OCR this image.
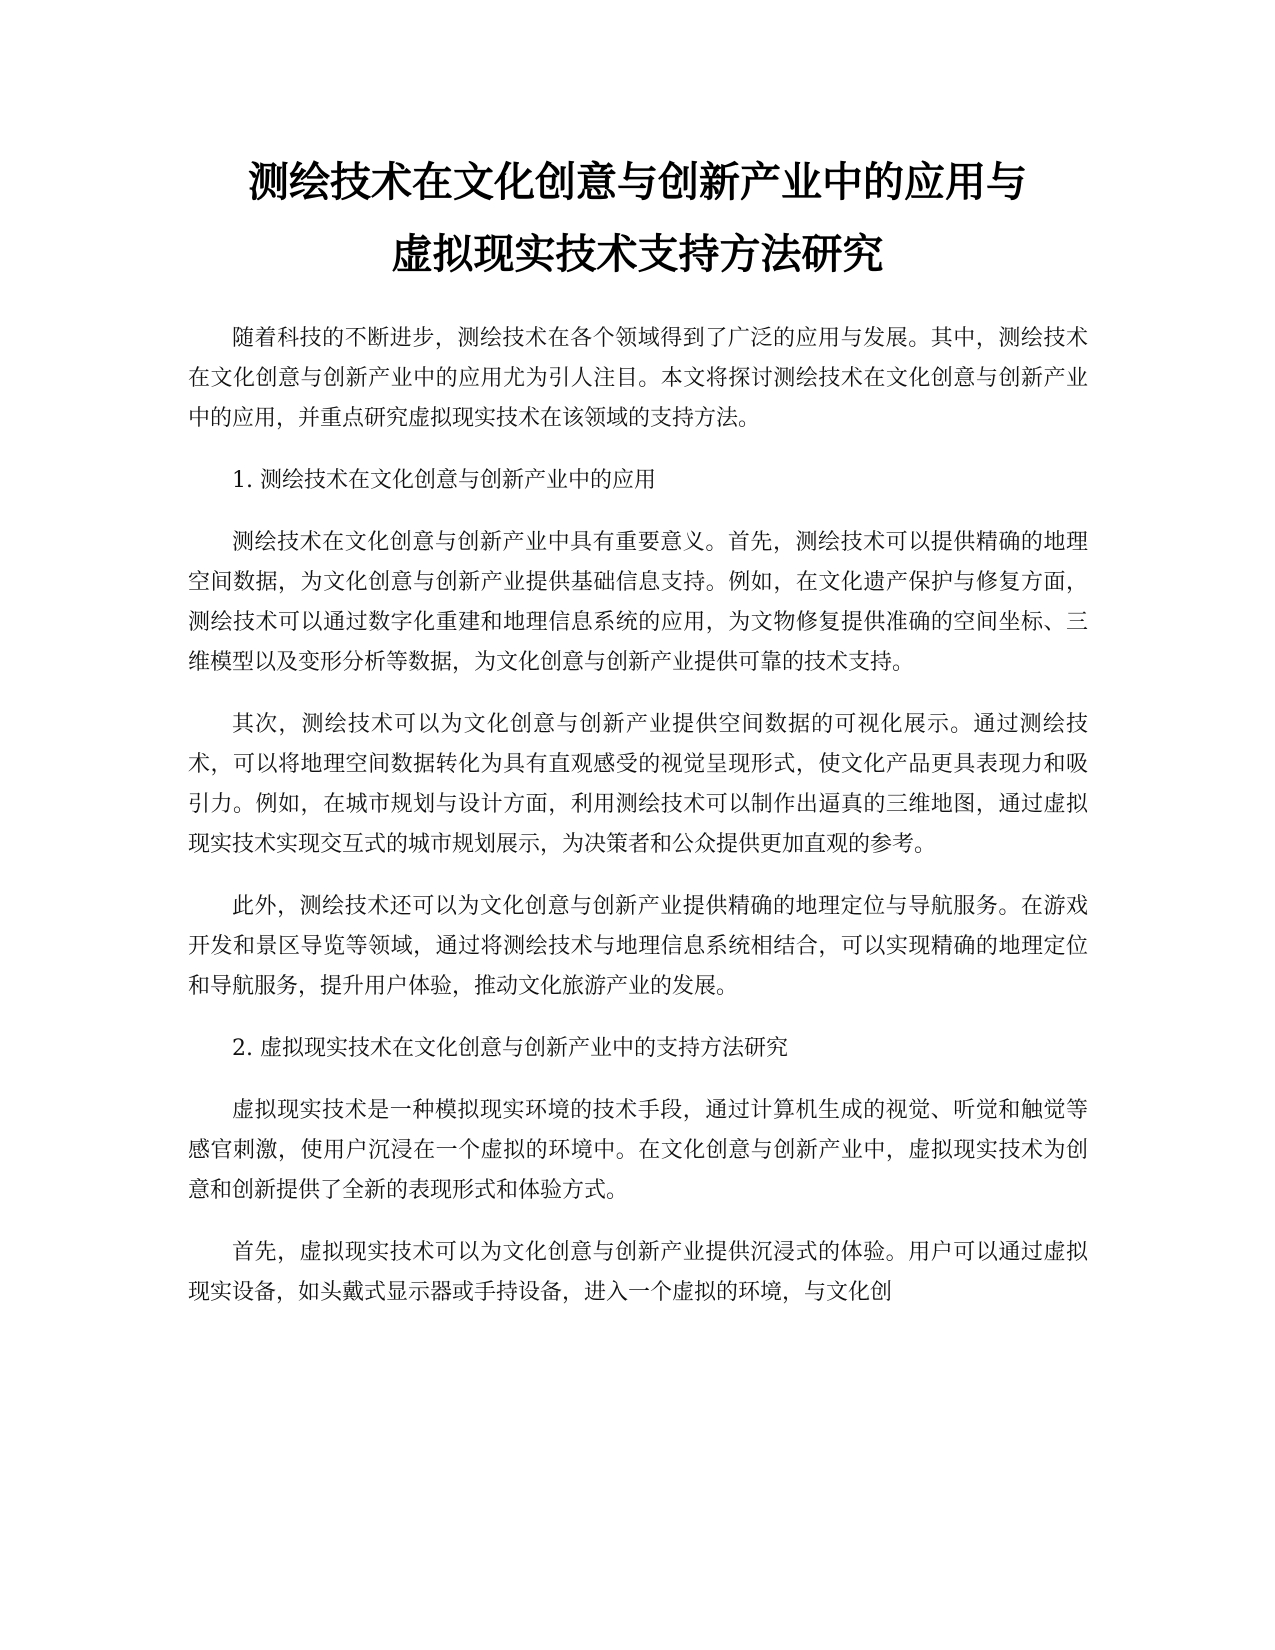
测绘技术在文化创意与创新产业中的应用与
虚拟现实技术支持方法研究

随着科技的不断进步，测绘技术在各个领域得到了广泛的应用与发展。其中，测绘技术在文化创意与创新产业中的应用尤为引人注目。本文将探讨测绘技术在文化创意与创新产业中的应用，并重点研究虚拟现实技术在该领域的支持方法。

1. 测绘技术在文化创意与创新产业中的应用

测绘技术在文化创意与创新产业中具有重要意义。首先，测绘技术可以提供精确的地理空间数据，为文化创意与创新产业提供基础信息支持。例如，在文化遗产保护与修复方面，测绘技术可以通过数字化重建和地理信息系统的应用，为文物修复提供准确的空间坐标、三维模型以及变形分析等数据，为文化创意与创新产业提供可靠的技术支持。

其次，测绘技术可以为文化创意与创新产业提供空间数据的可视化展示。通过测绘技术，可以将地理空间数据转化为具有直观感受的视觉呈现形式，使文化产品更具表现力和吸引力。例如，在城市规划与设计方面，利用测绘技术可以制作出逼真的三维地图，通过虚拟现实技术实现交互式的城市规划展示，为决策者和公众提供更加直观的参考。

此外，测绘技术还可以为文化创意与创新产业提供精确的地理定位与导航服务。在游戏开发和景区导览等领域，通过将测绘技术与地理信息系统相结合，可以实现精确的地理定位和导航服务，提升用户体验，推动文化旅游产业的发展。

2. 虚拟现实技术在文化创意与创新产业中的支持方法研究

虚拟现实技术是一种模拟现实环境的技术手段，通过计算机生成的视觉、听觉和触觉等感官刺激，使用户沉浸在一个虚拟的环境中。在文化创意与创新产业中，虚拟现实技术为创意和创新提供了全新的表现形式和体验方式。

首先，虚拟现实技术可以为文化创意与创新产业提供沉浸式的体验。用户可以通过虚拟现实设备，如头戴式显示器或手持设备，进入一个虚拟的环境，与文化创
